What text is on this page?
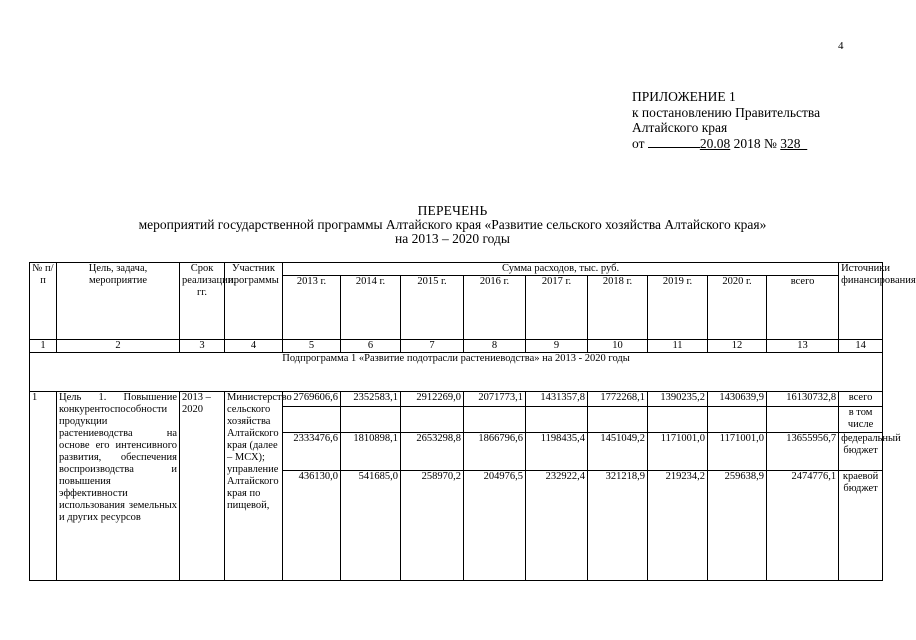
4
ПРИЛОЖЕНИЕ 1
к постановлению Правительства
Алтайского края
от	20.08 2018 № 328
ПЕРЕЧЕНЬ
мероприятий государственной программы Алтайского края «Развитие сельского хозяйства Алтайского края»
на 2013 – 2020 годы
№ п/п	Цель, задача, мероприятие	Срок реализации, гг.	Участник программы	Сумма расходов, тыс. руб.									Источники финансирования
				2013 г.	2014 г.	2015 г.	2016 г.	2017 г.	2018 г.	2019 г.	2020 г.	всего	
1	2	3	4	5	6	7	8	9	10	11	12	13	14
Подпрограмма 1 «Развитие подотрасли растениеводства» на 2013 - 2020 годы													
1	Цель 1. Повышение конкурентоспособности продукции растениеводства на основе его интенсивного развития, обеспечения воспроизводства и повышения эффективности использования земельных и других ресурсов	2013 – 2020	Министерство сельского хозяйства Алтайского края (далее – МСХ); управление Алтайского края по пищевой,	2769606,6	2352583,1	2912269,0	2071773,1	1431357,8	1772268,1	1390235,2	1430639,9	16130732,8	всего
													в том числе
				2333476,6	1810898,1	2653298,8	1866796,6	1198435,4	1451049,2	1171001,0	1171001,0	13655956,7	федеральный бюджет
				436130,0	541685,0	258970,2	204976,5	232922,4	321218,9	219234,2	259638,9	2474776,1	краевой бюджет
